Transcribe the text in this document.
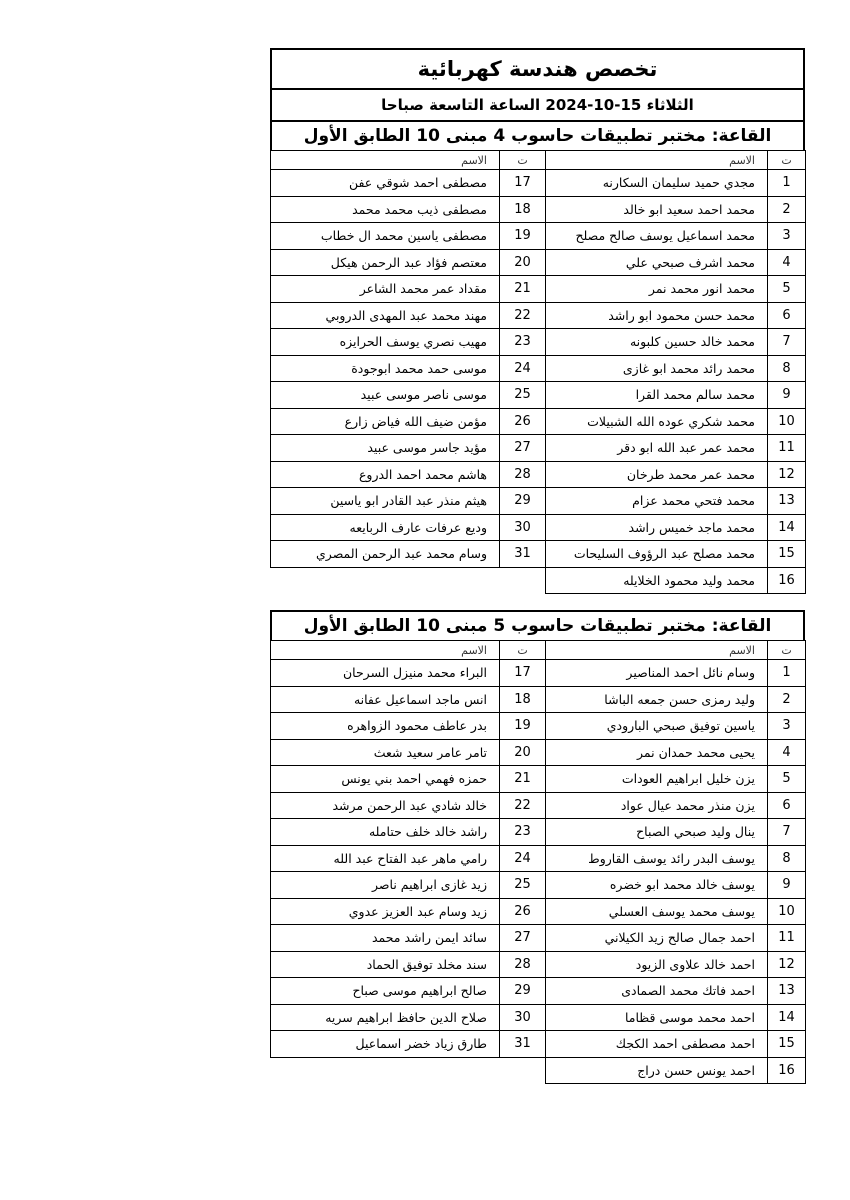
تخصص هندسة كهربائية
الثلاثاء 15-10-2024 الساعة التاسعة صباحا
القاعة: مختبر تطبيقات حاسوب 4 مبنى 10 الطابق الأول
ت	الاسم	ت	الاسم
1	مجدي حميد سليمان السكارنه	17	مصطفى احمد شوقي عفن
2	محمد احمد سعيد ابو خالد	18	مصطفى ذيب محمد محمد
3	محمد اسماعيل يوسف صالح مصلح	19	مصطفى ياسين محمد ال خطاب
4	محمد اشرف صبحي علي	20	معتصم فؤاد عبد الرحمن هيكل
5	محمد انور محمد نمر	21	مقداد عمر محمد الشاعر
6	محمد حسن محمود ابو راشد	22	مهند محمد عبد المهدى الدروبي
7	محمد خالد حسين كلبونه	23	مهيب نصري يوسف الحرايزه
8	محمد رائد محمد ابو غازى	24	موسى حمد محمد ابوجودة
9	محمد سالم محمد القرا	25	موسى ناصر موسى عبيد
10	محمد شكري عوده الله الشبيلات	26	مؤمن ضيف الله فياض زارع
11	محمد عمر عبد الله ابو دقر	27	مؤيد جاسر موسى عبيد
12	محمد عمر محمد طرخان	28	هاشم محمد احمد الدروع
13	محمد فتحي محمد عزام	29	هيثم منذر عبد القادر ابو ياسين
14	محمد ماجد خميس راشد	30	وديع عرفات عارف الربايعه
15	محمد مصلح عبد الرؤوف السليحات	31	وسام محمد عبد الرحمن المصري
16	محمد وليد محمود الخلايله		
القاعة: مختبر تطبيقات حاسوب 5 مبنى 10 الطابق الأول
ت	الاسم	ت	الاسم
1	وسام نائل احمد المناصير	17	البراء محمد منيزل السرحان
2	وليد رمزى حسن جمعه الباشا	18	انس ماجد اسماعيل عفانه
3	ياسين توفيق صبحي البارودي	19	بدر عاطف محمود الزواهره
4	يحيى محمد حمدان نمر	20	تامر عامر سعيد شعث
5	يزن خليل ابراهيم العودات	21	حمزه فهمي احمد بني يونس
6	يزن منذر محمد عيال عواد	22	خالد شادي عبد الرحمن مرشد
7	ينال وليد صبحي الصباح	23	راشد خالد خلف حتامله
8	يوسف البدر رائد يوسف القاروط	24	رامي ماهر عبد الفتاح عبد الله
9	يوسف خالد محمد ابو خضره	25	زيد غازى ابراهيم ناصر
10	يوسف محمد يوسف العسلي	26	زيد وسام عبد العزيز عدوي
11	احمد جمال صالح زيد الكيلاني	27	سائد ايمن راشد محمد
12	احمد خالد علاوى الزيود	28	سند مخلد توفيق الحماد
13	احمد فاتك محمد الصمادى	29	صالح ابراهيم موسى صباح
14	احمد محمد موسى قظاما	30	صلاح الدين حافظ ابراهيم سريه
15	احمد مصطفى احمد الكجك	31	طارق زياد خضر اسماعيل
16	احمد يونس حسن دراج		
